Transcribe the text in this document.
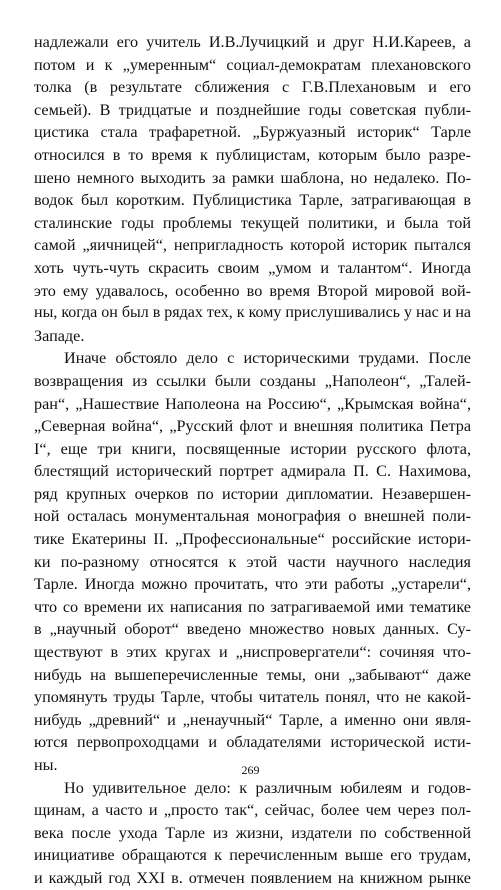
надлежали его учитель И.В.Лучицкий и друг Н.И.Кареев, а
потом и к „умеренным“ социал-демократам плехановского
толка (в результате сближения с Г.В.Плехановым и его
семьей). В тридцатые и позднейшие годы советская публи-
цистика стала трафаретной. „Буржуазный историк“ Тарле
относился в то время к публицистам, которым было разре-
шено немного выходить за рамки шаблона, но недалеко. По-
водок был коротким. Публицистика Тарле, затрагивающая в
сталинские годы проблемы текущей политики, и была той
самой „яичницей“, непригладность которой историк пытался
хоть чуть-чуть скрасить своим „умом и талантом“. Иногда
это ему удавалось, особенно во время Второй мировой вой-
ны, когда он был в рядах тех, к кому прислушивались у нас и на
Западе.
Иначе обстояло дело с историческими трудами. После
возвращения из ссылки были созданы „Наполеон“, „Талей-
ран“, „Нашествие Наполеона на Россию“, „Крымская война“,
„Северная война“, „Русский флот и внешняя политика Петра
I“, еще три книги, посвященные истории русского флота,
блестящий исторический портрет адмирала П. С. Нахимова,
ряд крупных очерков по истории дипломатии. Незавершен-
ной осталась монументальная монография о внешней поли-
тике Екатерины II. „Профессиональные“ российские истори-
ки по-разному относятся к этой части научного наследия
Тарле. Иногда можно прочитать, что эти работы „устарели“,
что со времени их написания по затрагиваемой ими тематике
в „научный оборот“ введено множество новых данных. Су-
ществуют в этих кругах и „ниспровергатели“: сочиняя что-
нибудь на вышеперечисленные темы, они „забывают“ даже
упомянуть труды Тарле, чтобы читатель понял, что не какой-
нибудь „древний“ и „ненаучный“ Тарле, а именно они явля-
ются первопроходцами и обладателями исторической исти-
ны.
Но удивительное дело: к различным юбилеям и годов-
щинам, а часто и „просто так“, сейчас, более чем через пол-
века после ухода Тарле из жизни, издатели по собственной
инициативе обращаются к перечисленным выше его трудам,
и каждый год XXI в. отмечен появлением на книжном рынке
269
